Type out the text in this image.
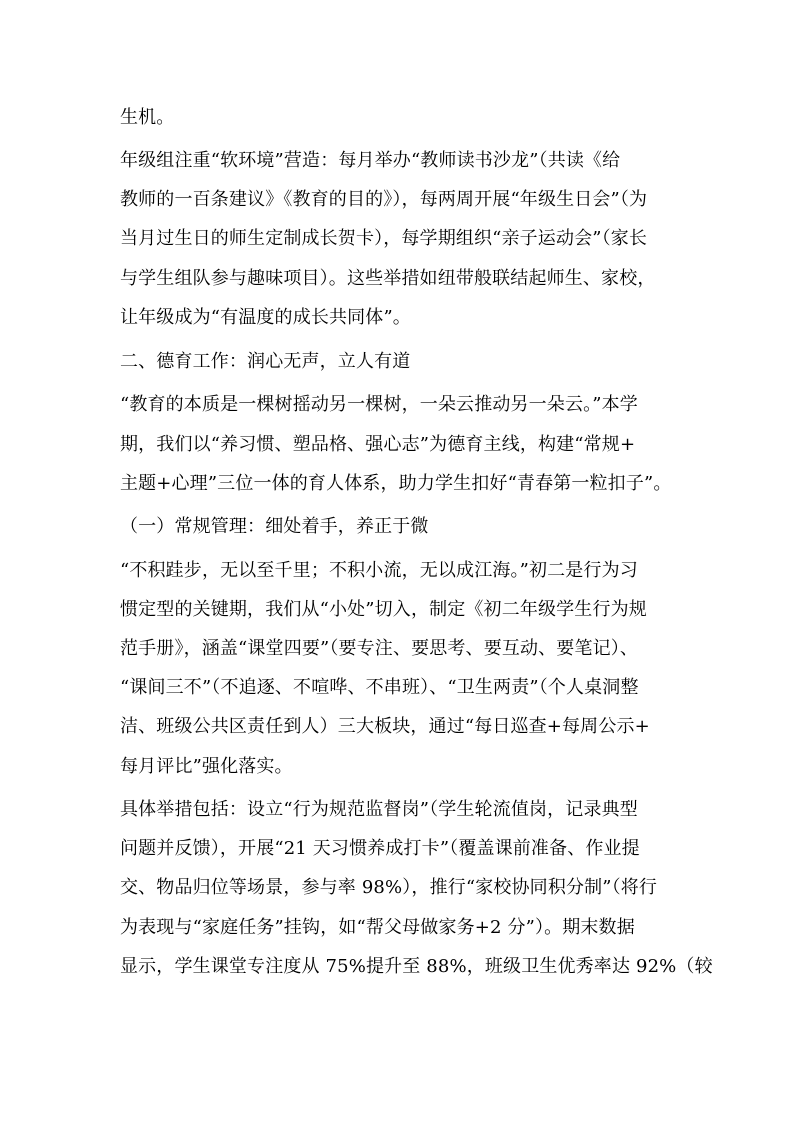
生机。
年级组注重“软环境”营造：每月举办“教师读书沙龙”（共读《给
教师的一百条建议》《教育的目的》），每两周开展“年级生日会”（为
当月过生日的师生定制成长贺卡），每学期组织“亲子运动会”（家长
与学生组队参与趣味项目）。这些举措如纽带般联结起师生、家校，
让年级成为“有温度的成长共同体”。
二、德育工作：润心无声，立人有道
“教育的本质是一棵树摇动另一棵树，一朵云推动另一朵云。”本学
期，我们以“养习惯、塑品格、强心志”为德育主线，构建“常规+
主题+心理”三位一体的育人体系，助力学生扣好“青春第一粒扣子”。
（一）常规管理：细处着手，养正于微
“不积跬步，无以至千里；不积小流，无以成江海。”初二是行为习
惯定型的关键期，我们从“小处”切入，制定《初二年级学生行为规
范手册》，涵盖“课堂四要”（要专注、要思考、要互动、要笔记）、
“课间三不”（不追逐、不喧哗、不串班）、“卫生两责”（个人桌洞整
洁、班级公共区责任到人）三大板块，通过“每日巡查+每周公示+
每月评比”强化落实。
具体举措包括：设立“行为规范监督岗”（学生轮流值岗，记录典型
问题并反馈），开展“21 天习惯养成打卡”（覆盖课前准备、作业提
交、物品归位等场景，参与率 98%），推行“家校协同积分制”（将行
为表现与“家庭任务”挂钩，如“帮父母做家务+2 分”）。期末数据
显示，学生课堂专注度从 75%提升至 88%，班级卫生优秀率达 92%（较
